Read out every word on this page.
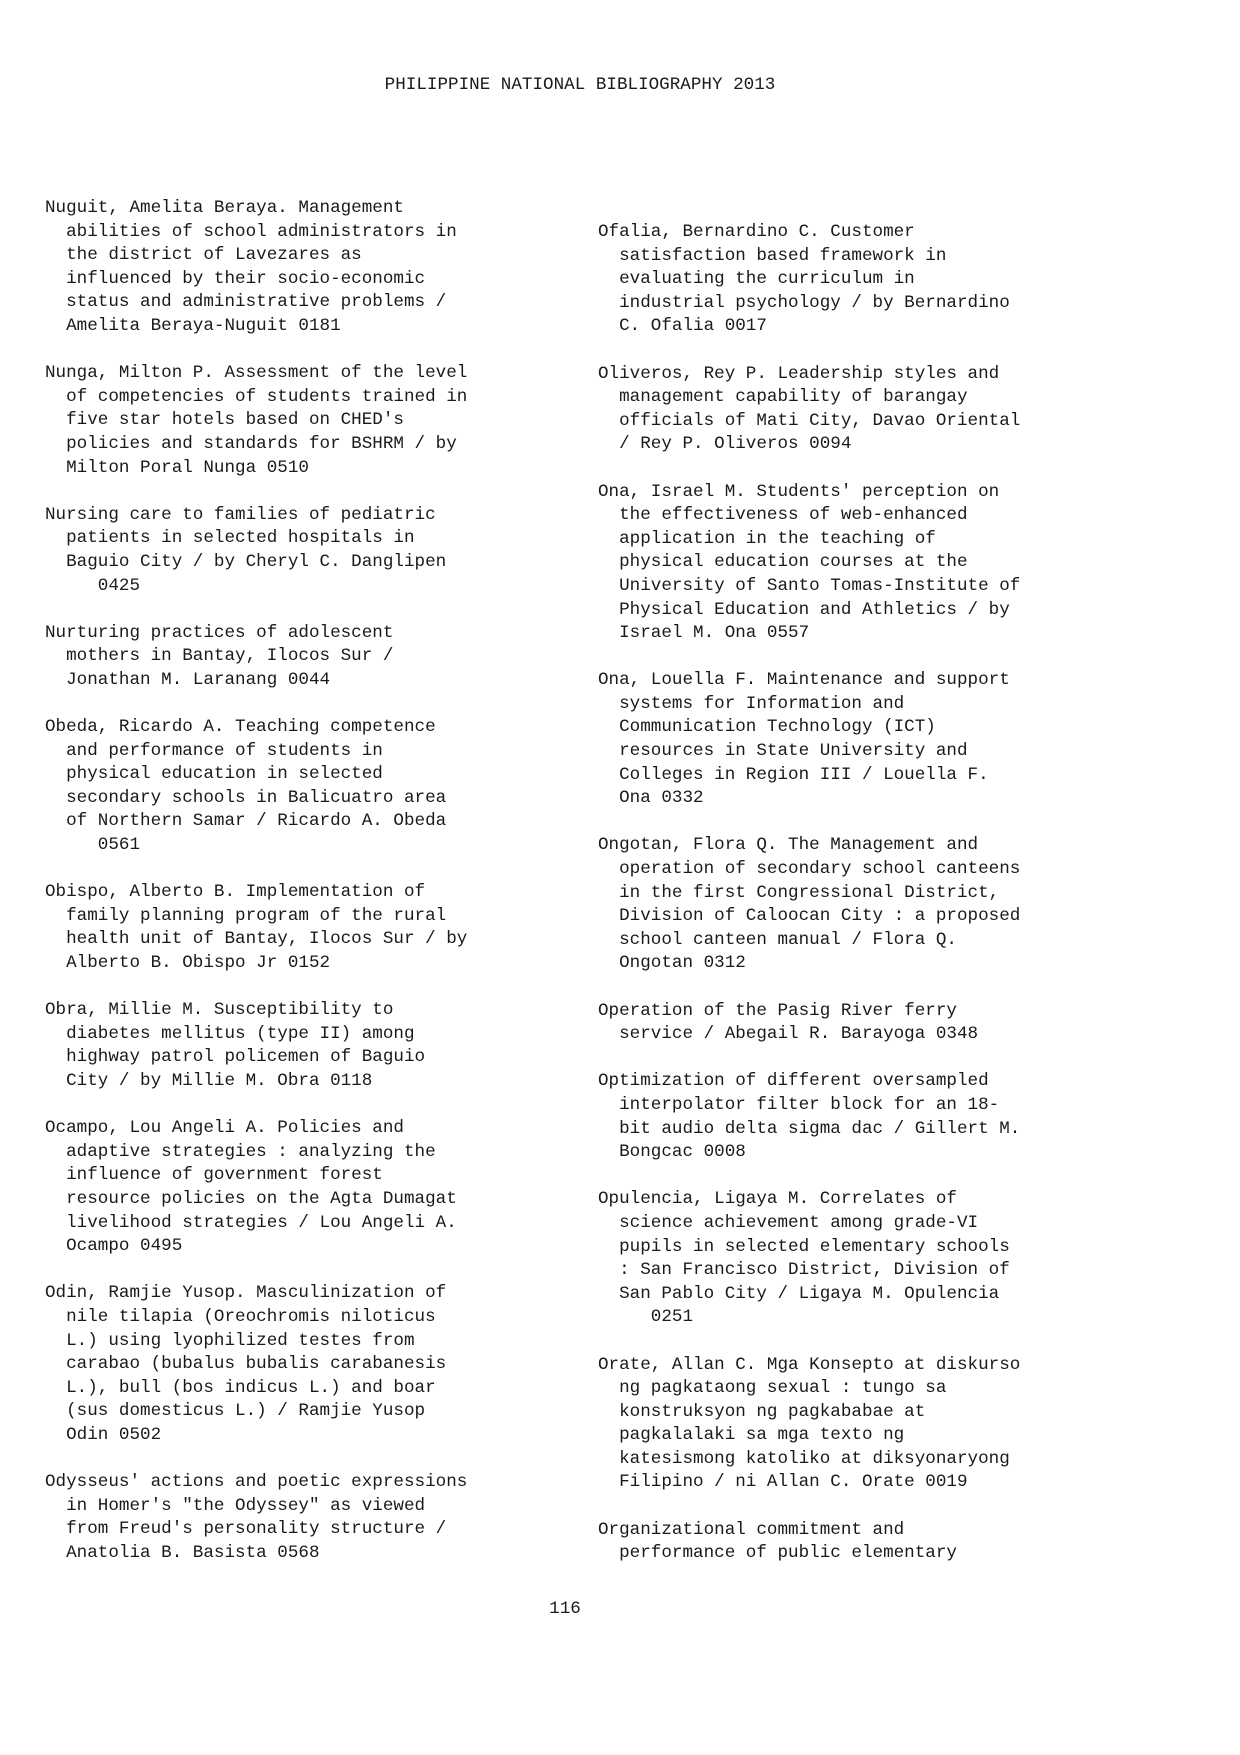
PHILIPPINE NATIONAL BIBLIOGRAPHY 2013
Nuguit, Amelita Beraya. Management
abilities of school administrators in
the district of Lavezares as
influenced by their socio-economic
status and administrative problems /
Amelita Beraya-Nuguit 0181
Nunga, Milton P. Assessment of the level
of competencies of students trained in
five star hotels based on CHED's
policies and standards for BSHRM / by
Milton Poral Nunga 0510
Nursing care to families of pediatric
patients in selected hospitals in
Baguio City / by Cheryl C. Danglipen
0425
Nurturing practices of adolescent
mothers in Bantay, Ilocos Sur /
Jonathan M. Laranang 0044
Obeda, Ricardo A. Teaching competence
and performance of students in
physical education in selected
secondary schools in Balicuatro area
of Northern Samar / Ricardo A. Obeda
0561
Obispo, Alberto B. Implementation of
family planning program of the rural
health unit of Bantay, Ilocos Sur / by
Alberto B. Obispo Jr 0152
Obra, Millie M. Susceptibility to
diabetes mellitus (type II) among
highway patrol policemen of Baguio
City / by Millie M. Obra 0118
Ocampo, Lou Angeli A. Policies and
adaptive strategies : analyzing the
influence of government forest
resource policies on the Agta Dumagat
livelihood strategies / Lou Angeli A.
Ocampo 0495
Odin, Ramjie Yusop. Masculinization of
nile tilapia (Oreochromis niloticus
L.) using lyophilized testes from
carabao (bubalus bubalis carabanesis
L.), bull (bos indicus L.) and boar
(sus domesticus L.) / Ramjie Yusop
Odin 0502
Odysseus' actions and poetic expressions
in Homer's "the Odyssey" as viewed
from Freud's personality structure /
Anatolia B. Basista 0568
Ofalia, Bernardino C. Customer
satisfaction based framework in
evaluating the curriculum in
industrial psychology / by Bernardino
C. Ofalia 0017
Oliveros, Rey P. Leadership styles and
management capability of barangay
officials of Mati City, Davao Oriental
/ Rey P. Oliveros 0094
Ona, Israel M. Students' perception on
the effectiveness of web-enhanced
application in the teaching of
physical education courses at the
University of Santo Tomas-Institute of
Physical Education and Athletics / by
Israel M. Ona 0557
Ona, Louella F. Maintenance and support
systems for Information and
Communication Technology (ICT)
resources in State University and
Colleges in Region III / Louella F.
Ona 0332
Ongotan, Flora Q. The Management and
operation of secondary school canteens
in the first Congressional District,
Division of Caloocan City : a proposed
school canteen manual / Flora Q.
Ongotan 0312
Operation of the Pasig River ferry
service / Abegail R. Barayoga 0348
Optimization of different oversampled
interpolator filter block for an 18-
bit audio delta sigma dac / Gillert M.
Bongcac 0008
Opulencia, Ligaya M. Correlates of
science achievement among grade-VI
pupils in selected elementary schools
: San Francisco District, Division of
San Pablo City / Ligaya M. Opulencia
0251
Orate, Allan C. Mga Konsepto at diskurso
ng pagkataong sexual : tungo sa
konstruksyon ng pagkababae at
pagkalalaki sa mga texto ng
katesismong katoliko at diksyonaryong
Filipino / ni Allan C. Orate 0019
Organizational commitment and
performance of public elementary
116
